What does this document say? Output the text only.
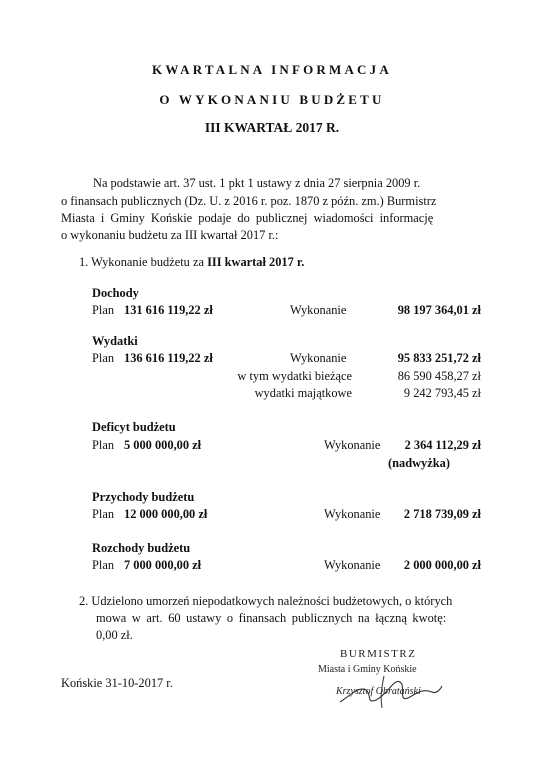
KWARTALNA INFORMACJA
O WYKONANIU BUDŻETU
III KWARTAŁ 2017 R.
Na podstawie art. 37 ust. 1 pkt 1 ustawy z dnia 27 sierpnia 2009 r.
o finansach publicznych (Dz. U. z 2016 r. poz. 1870 z późn. zm.) Burmistrz
Miasta i Gminy Końskie podaje do publicznej wiadomości informację
o wykonaniu budżetu za III kwartał 2017 r.:
1. Wykonanie budżetu za III kwartał 2017 r.
Dochody
Plan 131 616 119,22 zł	Wykonanie	98 197 364,01 zł
Wydatki
Plan 136 616 119,22 zł	Wykonanie	95 833 251,72 zł
w tym wydatki bieżące	86 590 458,27 zł
wydatki majątkowe	9 242 793,45 zł
Deficyt budżetu
Plan 5 000 000,00 zł	Wykonanie 2 364 112,29 zł
(nadwyżka)
Przychody budżetu
Plan 12 000 000,00 zł	Wykonanie 2 718 739,09 zł
Rozchody budżetu
Plan 7 000 000,00 zł	Wykonanie 2 000 000,00 zł
2. Udzielono umorzeń niepodatkowych należności budżetowych, o których
mowa w art. 60 ustawy o finansach publicznych na łączną kwotę:
0,00 zł.
Końskie 31-10-2017 r.
BURMISTRZ
Miasta i Gminy Końskie
Krzysztof Obratański
